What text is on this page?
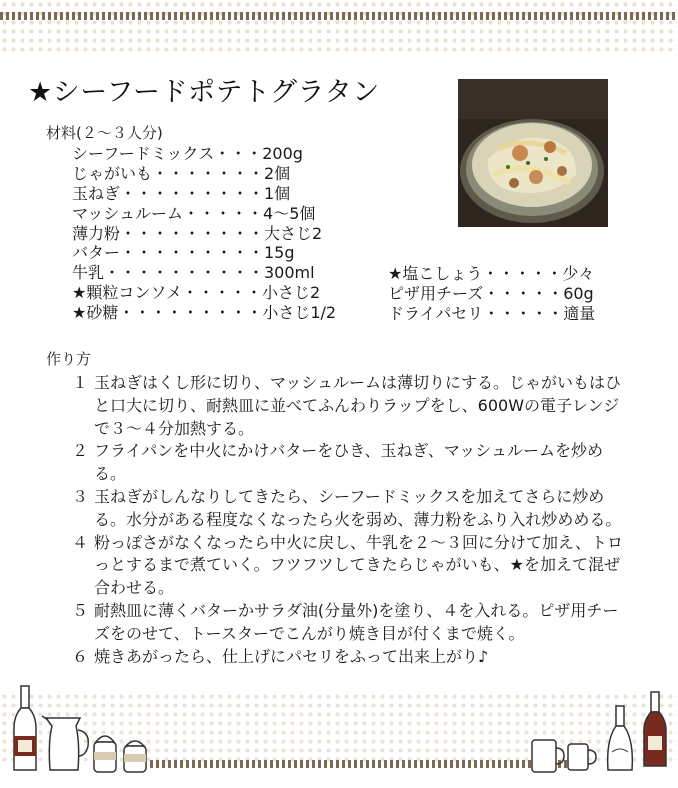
★シーフードポテトグラタン
材料(２～３人分)
シーフードミックス・・・200g
じゃがいも・・・・・・・2個
玉ねぎ・・・・・・・・・1個
マッシュルーム・・・・・4～5個
薄力粉・・・・・・・・・大さじ2
バター・・・・・・・・・15g
牛乳・・・・・・・・・・300ml
★顆粒コンソメ・・・・・小さじ2
★砂糖・・・・・・・・・小さじ1/2
★塩こしょう・・・・・少々
ピザ用チーズ・・・・・60g
ドライパセリ・・・・・適量
作り方
１ 玉ねぎはくし形に切り、マッシュルームは薄切りにする。じゃがいもはひと口大に切り、耐熱皿に並べてふんわりラップをし、600Wの電子レンジで３～４分加熱する。
２ フライパンを中火にかけバターをひき、玉ねぎ、マッシュルームを炒める。
３ 玉ねぎがしんなりしてきたら、シーフードミックスを加えてさらに炒める。水分がある程度なくなったら火を弱め、薄力粉をふり入れ炒めめる。
４ 粉っぽさがなくなったら中火に戻し、牛乳を２～３回に分けて加え、トロっとするまで煮ていく。フツフツしてきたらじゃがいも、★を加えて混ぜ合わせる。
５ 耐熱皿に薄くバターかサラダ油(分量外)を塗り、４を入れる。ピザ用チーズをのせて、トースターでこんがり焼き目が付くまで焼く。
６ 焼きあがったら、仕上げにパセリをふって出来上がり♪
